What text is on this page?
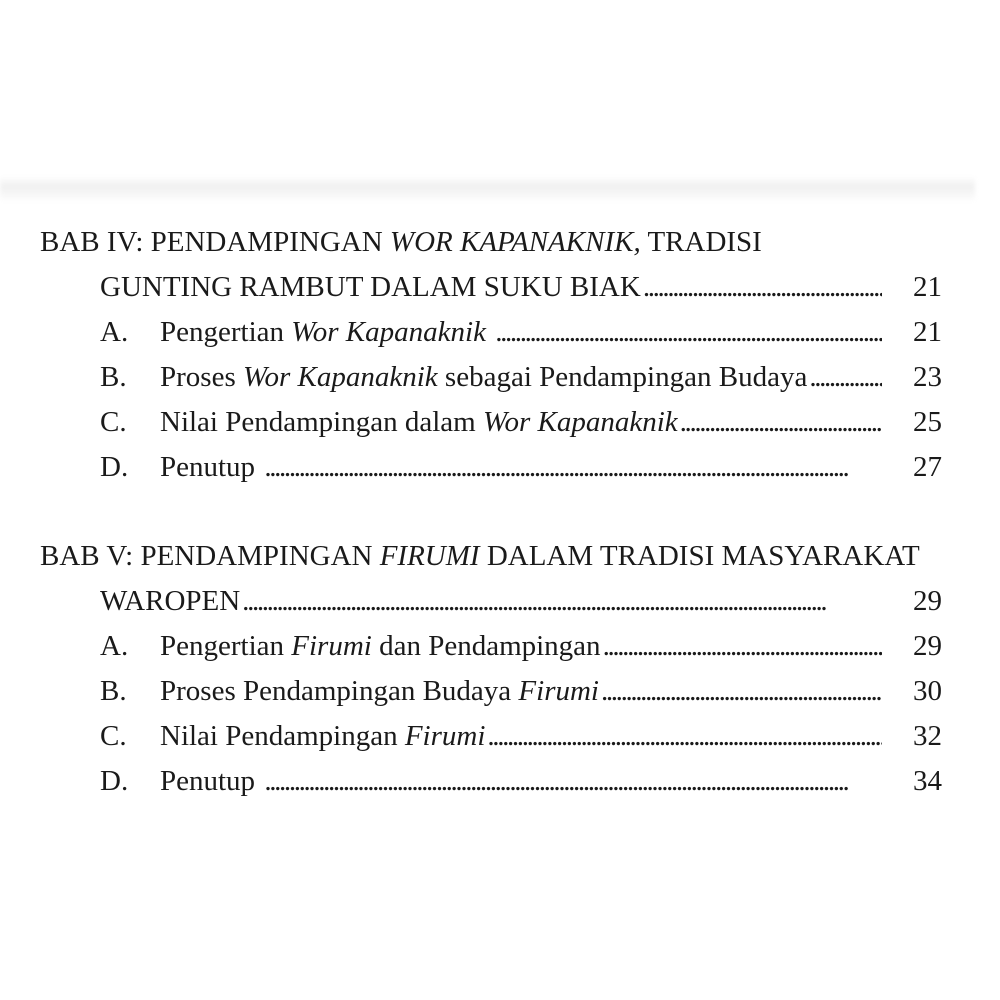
BAB IV: PENDAMPINGAN WOR KAPANAKNIK, TRADISI
GUNTING RAMBUT DALAM SUKU BIAK . . .	21
A. Pengertian Wor Kapanaknik . . .	21
B. Proses Wor Kapanaknik sebagai Pendampingan Budaya . . .	23
C. Nilai Pendampingan dalam Wor Kapanaknik . . .	25
D. Penutup . . .	27
BAB V: PENDAMPINGAN FIRUMI DALAM TRADISI MASYARAKAT
WAROPEN . . .	29
A. Pengertian Firumi dan Pendampingan . . .	29
B. Proses Pendampingan Budaya Firumi . . .	30
C. Nilai Pendampingan Firumi . . .	32
D. Penutup . . .	34
